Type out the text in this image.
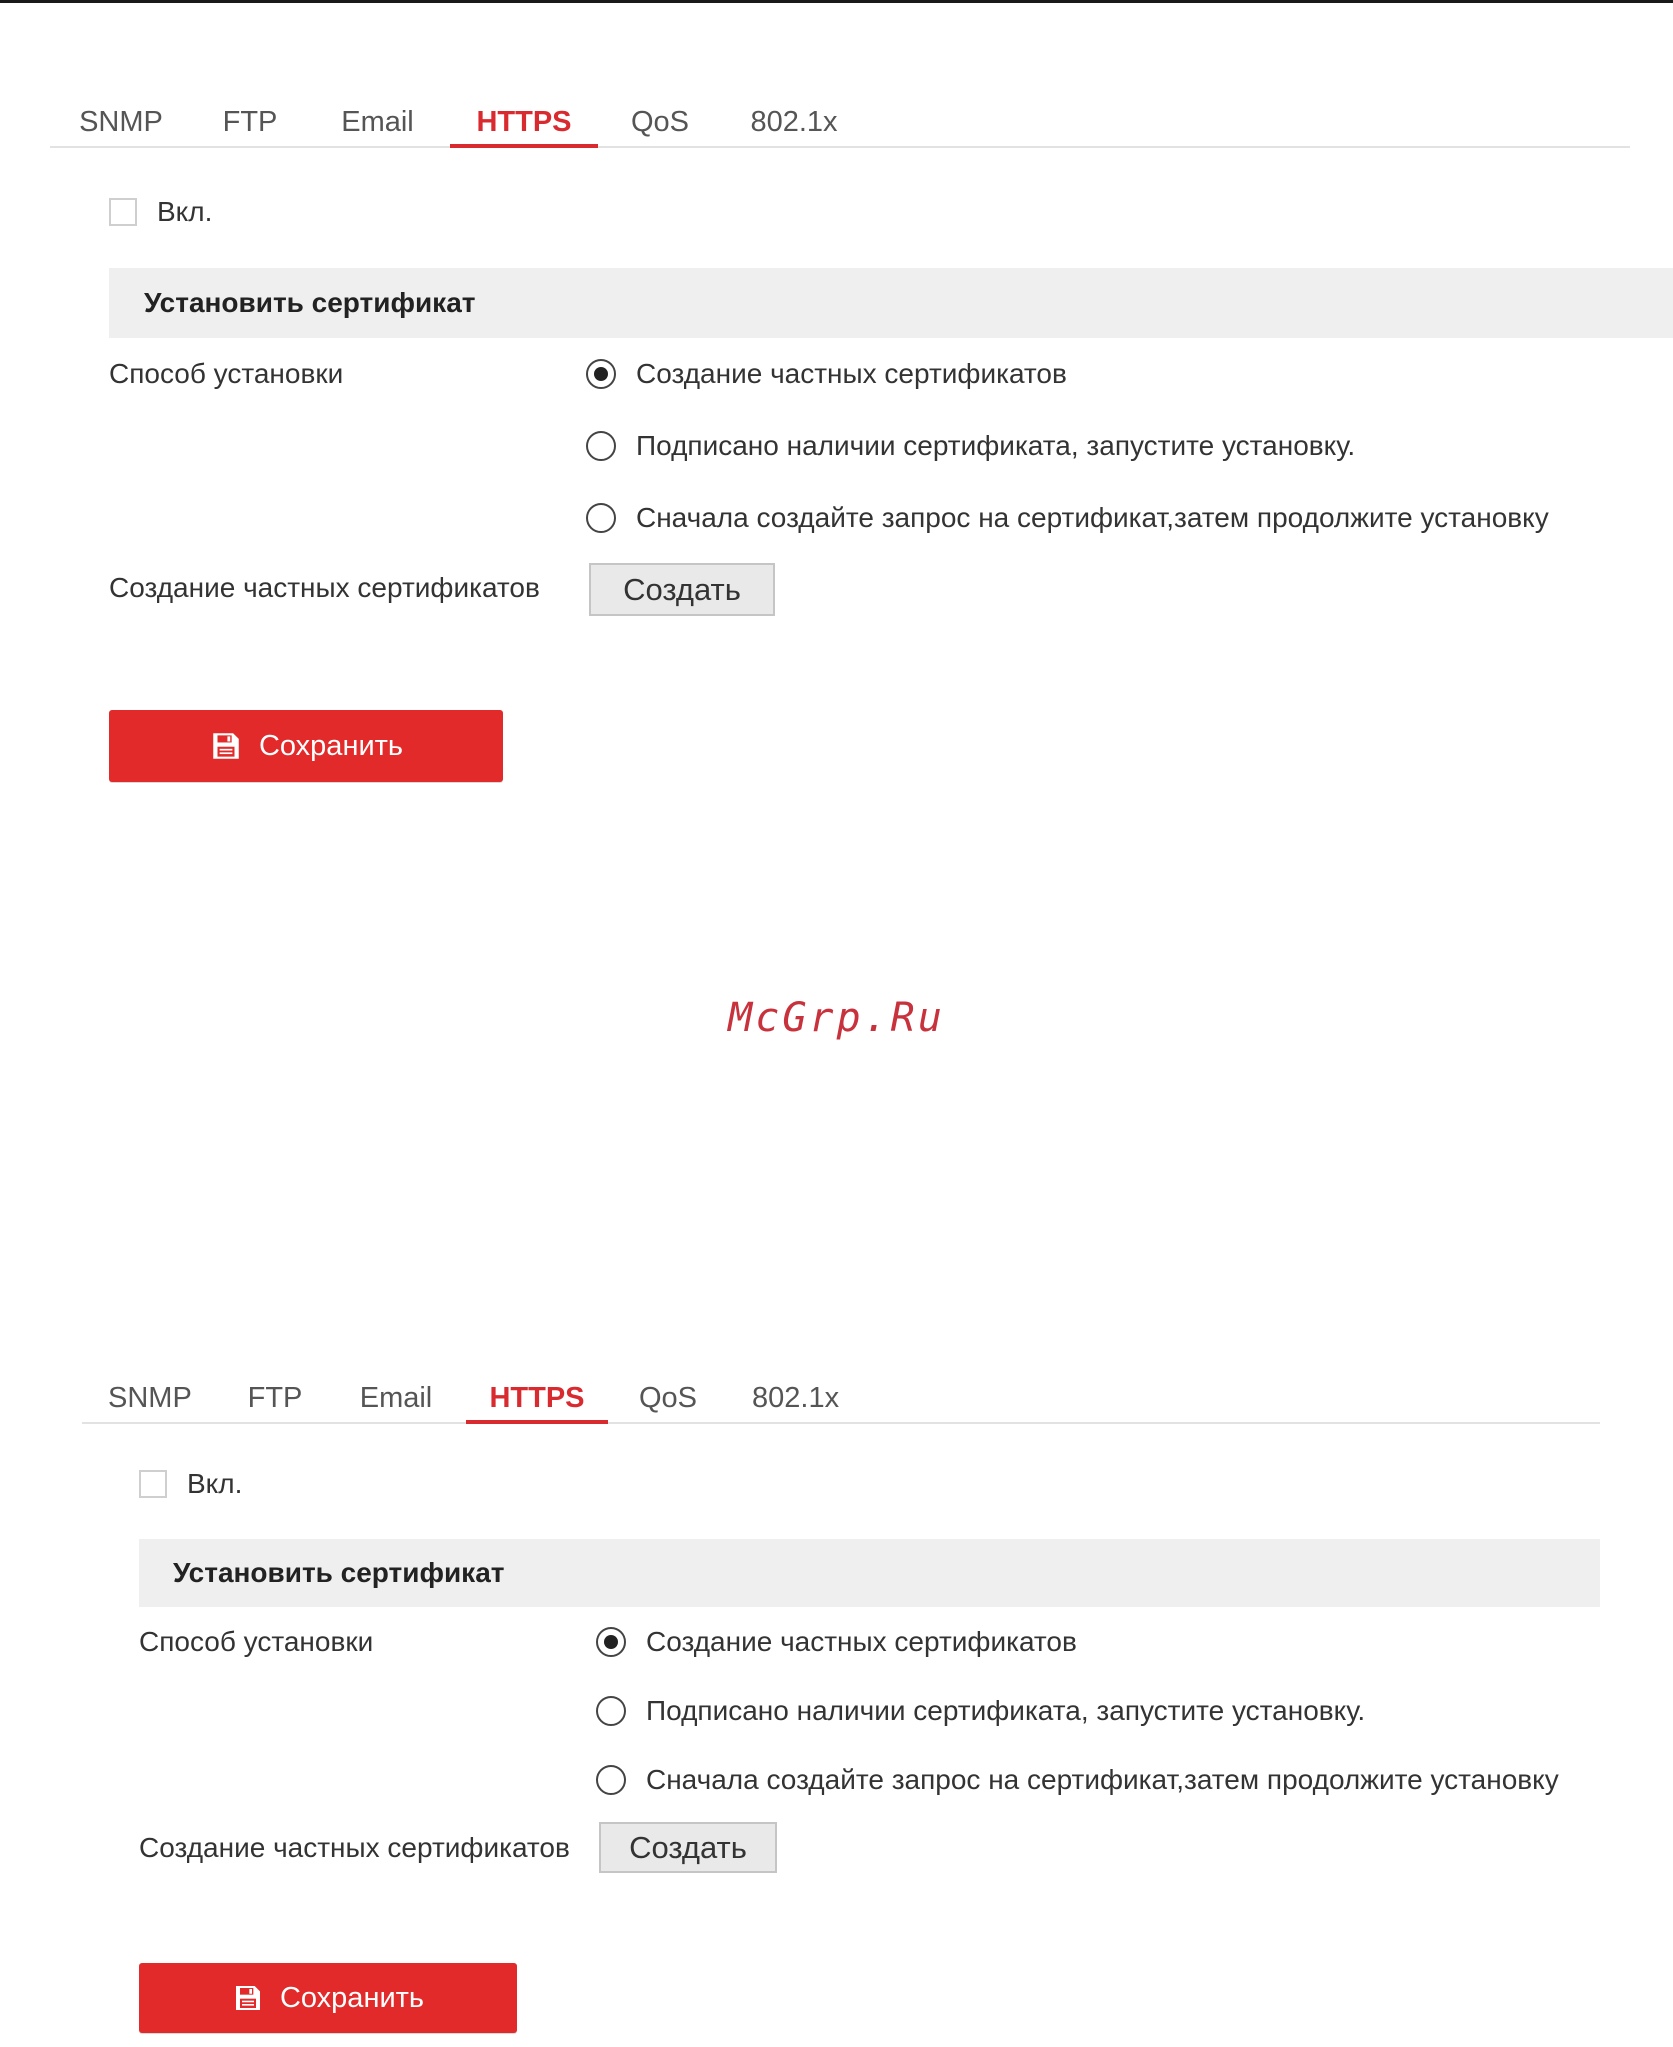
SNMP FTP Email	HTTPS	QoS 802.1x
Вкл.
Установить сертификат
Способ установки	Создание частных сертификатов
Подписано наличии сертификата, запустите установку.
Сначала создайте запрос на сертификат,затем продолжите установку
Создание частных сертификатов	Создать
Сохранить
McGrp.Ru
SNMP FTP Email	HTTPS	QoS 802.1x
Вкл.
Установить сертификат
Способ установки	Создание частных сертификатов
Подписано наличии сертификата, запустите установку.
Сначала создайте запрос на сертификат,затем продолжите установку
Создание частных сертификатов	Создать
Сохранить
